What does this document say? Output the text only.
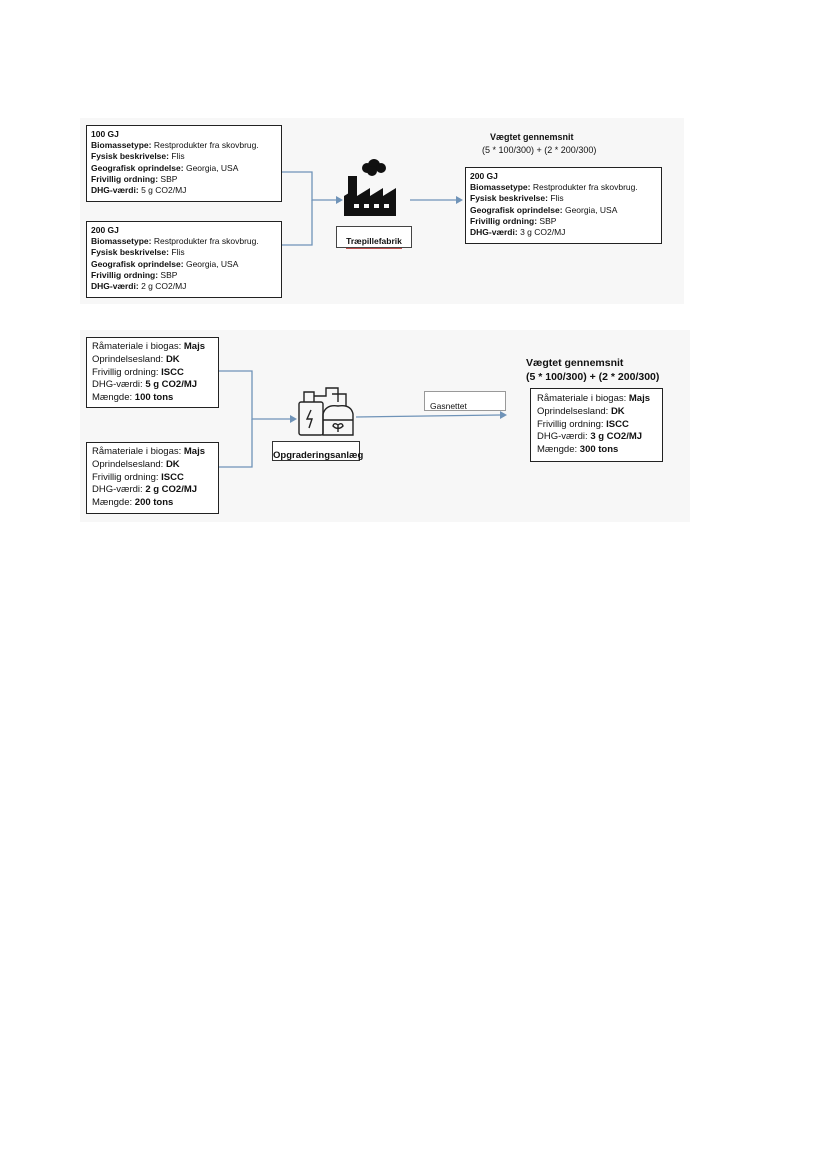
100 GJ
Biomassetype: Restprodukter fra skovbrug.
Fysisk beskrivelse: Flis
Geografisk oprindelse: Georgia, USA
Frivillig ordning: SBP
DHG-værdi: 5 g CO2/MJ
200 GJ
Biomassetype: Restprodukter fra skovbrug.
Fysisk beskrivelse: Flis
Geografisk oprindelse: Georgia, USA
Frivillig ordning: SBP
DHG-værdi: 2 g CO2/MJ
Træpillefabrik
Vægtet gennemsnit
(5 * 100/300) + (2 * 200/300)
200 GJ
Biomassetype: Restprodukter fra skovbrug.
Fysisk beskrivelse: Flis
Geografisk oprindelse: Georgia, USA
Frivillig ordning: SBP
DHG-værdi: 3 g CO2/MJ
Råmateriale i biogas: Majs
Oprindelsesland: DK
Frivillig ordning: ISCC
DHG-værdi: 5 g CO2/MJ
Mængde: 100 tons
Råmateriale i biogas: Majs
Oprindelsesland: DK
Frivillig ordning: ISCC
DHG-værdi: 2 g CO2/MJ
Mængde: 200 tons
Opgraderingsanlæg
Gasnettet
Vægtet gennemsnit
(5 * 100/300) + (2 * 200/300)
Råmateriale i biogas: Majs
Oprindelsesland: DK
Frivillig ordning: ISCC
DHG-værdi: 3 g CO2/MJ
Mængde: 300 tons
